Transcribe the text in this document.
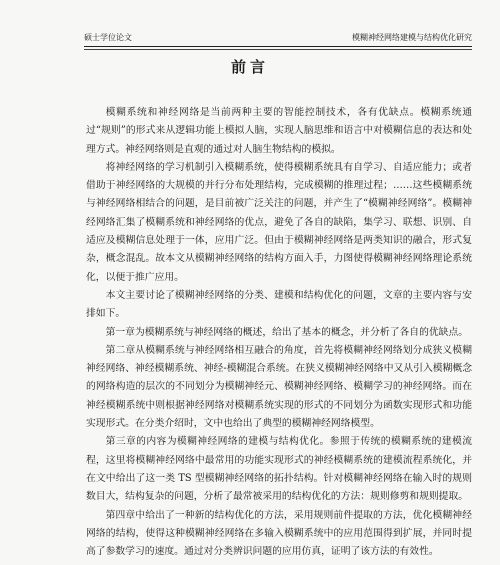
硕士学位论文	模糊神经网络建模与结构优化研究
前言

模糊系统和神经网络是当前两种主要的智能控制技术，各有优缺点。模糊系统通过“规则”的形式来从逻辑功能上模拟人脑，实现人脑思维和语言中对模糊信息的表达和处理方式。神经网络则是直观的通过对人脑生物结构的模拟。

将神经网络的学习机制引入模糊系统，使得模糊系统具有自学习、自适应能力；或者借助于神经网络的大规模的并行分布处理结构，完成模糊的推理过程；……这些模糊系统与神经网络相结合的问题，是目前被广泛关注的问题，并产生了“模糊神经网络”。模糊神经网络汇集了模糊系统和神经网络的优点，避免了各自的缺陷，集学习、联想、识别、自适应及模糊信息处理于一体，应用广泛。但由于模糊神经网络是两类知识的融合，形式复杂，概念混乱。故本文从模糊神经网络的结构方面入手，力图使得模糊神经网络理论系统化，以便于推广应用。

本文主要讨论了模糊神经网络的分类、建模和结构优化的问题，文章的主要内容与安排如下。

第一章为模糊系统与神经网络的概述，给出了基本的概念，并分析了各自的优缺点。

第二章从模糊系统与神经网络相互融合的角度，首先将模糊神经网络划分成狭义模糊神经网络、神经模糊系统、神经-模糊混合系统。在狭义模糊神经网络中又从引入模糊概念的网络构造的层次的不同划分为模糊神经元、模糊神经网络、模糊学习的神经网络。而在神经模糊系统中则根据神经网络对模糊系统实现的形式的不同划分为函数实现形式和功能实现形式。在分类介绍时，文中也给出了典型的模糊神经网络模型。

第三章的内容为模糊神经网络的建模与结构优化。参照于传统的模糊系统的建模流程，这里将模糊神经网络中最常用的功能实现形式的神经模糊系统的建模流程系统化，并在文中给出了这一类 TS 型模糊神经网络的拓扑结构。针对模糊神经网络在输入时的规则数目大，结构复杂的问题，分析了最常被采用的结构优化的方法：规则修剪和规则提取。

第四章中给出了一种新的结构优化的方法，采用规则前件提取的方法，优化模糊神经网络的结构，使得这种模糊神经网络在多输入模糊系统中的应用范围得到扩展，并同时提高了参数学习的速度。通过对分类辨识问题的应用仿真，证明了该方法的有效性。
